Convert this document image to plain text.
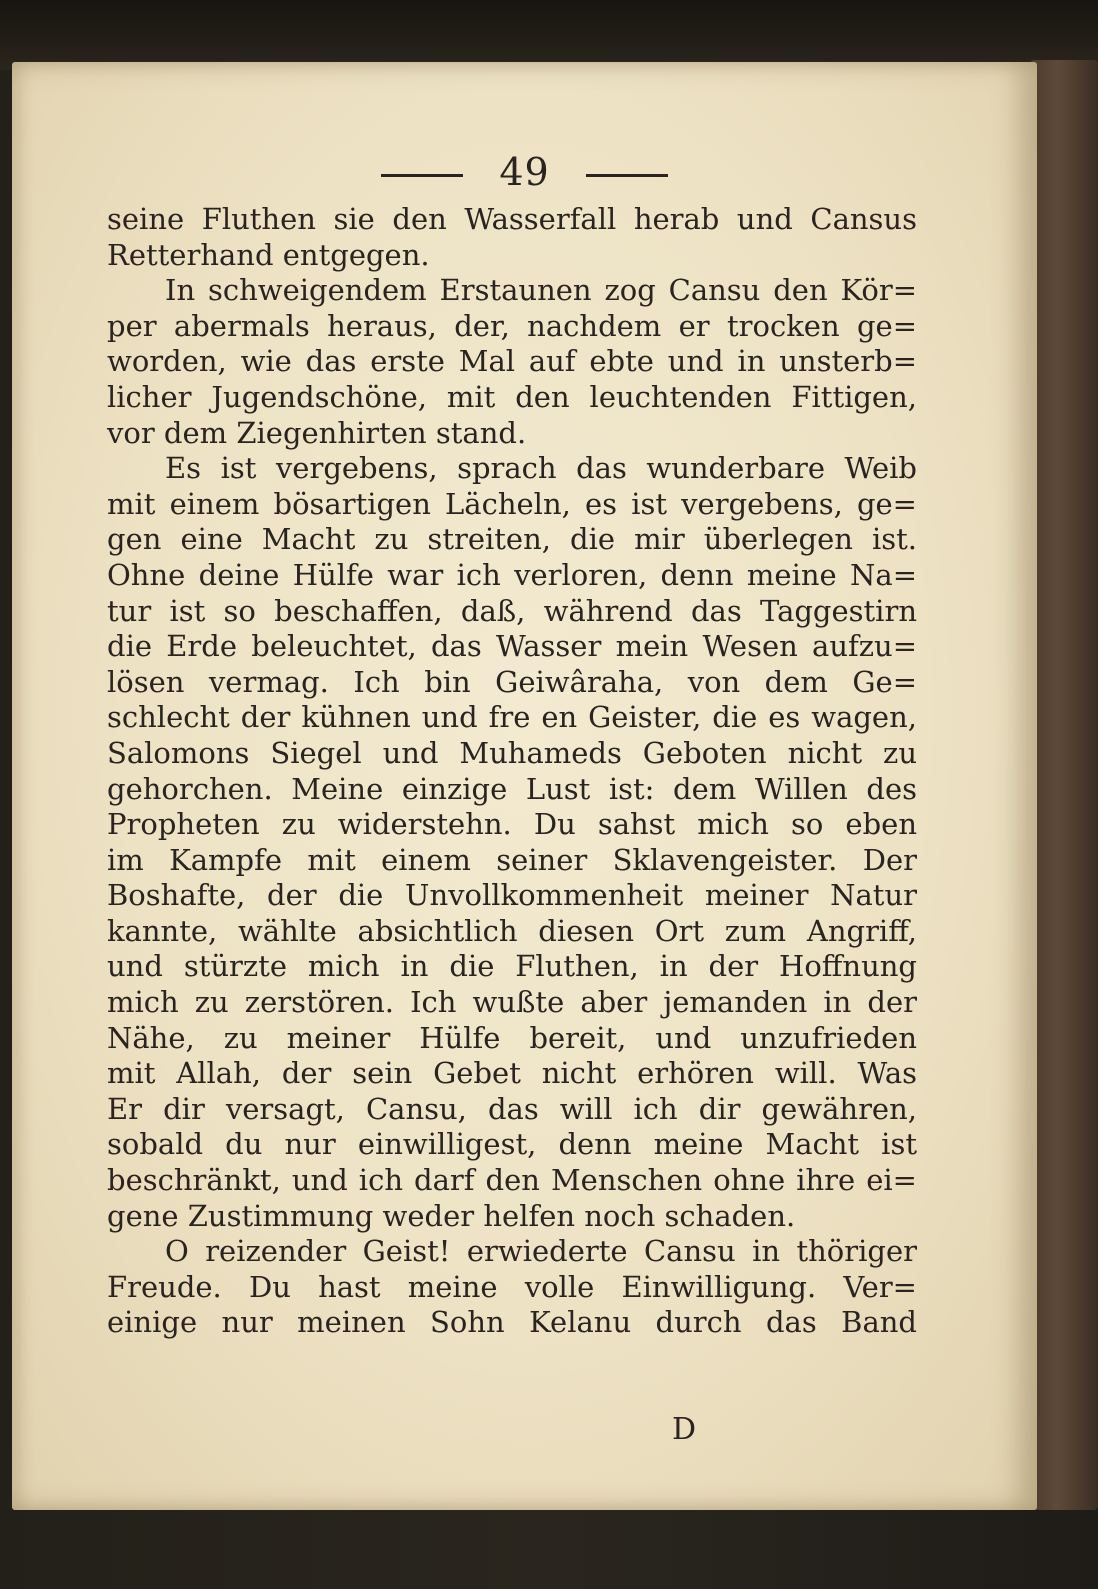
49
seine Fluthen sie den Wasserfall herab und Cansus
Retterhand entgegen.
In schweigendem Erstaunen zog Cansu den Kör=
per abermals heraus, der, nachdem er trocken ge=
worden, wie das erste Mal auf ebte und in unsterb=
licher Jugendschöne, mit den leuchtenden Fittigen,
vor dem Ziegenhirten stand.
Es ist vergebens, sprach das wunderbare Weib
mit einem bösartigen Lächeln, es ist vergebens, ge=
gen eine Macht zu streiten, die mir überlegen ist.
Ohne deine Hülfe war ich verloren, denn meine Na=
tur ist so beschaffen, daß, während das Taggestirn
die Erde beleuchtet, das Wasser mein Wesen aufzu=
lösen vermag. Ich bin Geiwâraha, von dem Ge=
schlecht der kühnen und fre en Geister, die es wagen,
Salomons Siegel und Muhameds Geboten nicht zu
gehorchen. Meine einzige Lust ist: dem Willen des
Propheten zu widerstehn. Du sahst mich so eben
im Kampfe mit einem seiner Sklavengeister. Der
Boshafte, der die Unvollkommenheit meiner Natur
kannte, wählte absichtlich diesen Ort zum Angriff,
und stürzte mich in die Fluthen, in der Hoffnung
mich zu zerstören. Ich wußte aber jemanden in der
Nähe, zu meiner Hülfe bereit, und unzufrieden
mit Allah, der sein Gebet nicht erhören will. Was
Er dir versagt, Cansu, das will ich dir gewähren,
sobald du nur einwilligest, denn meine Macht ist
beschränkt, und ich darf den Menschen ohne ihre ei=
gene Zustimmung weder helfen noch schaden.
O reizender Geist! erwiederte Cansu in thöriger
Freude. Du hast meine volle Einwilligung. Ver=
einige nur meinen Sohn Kelanu durch das Band
D
